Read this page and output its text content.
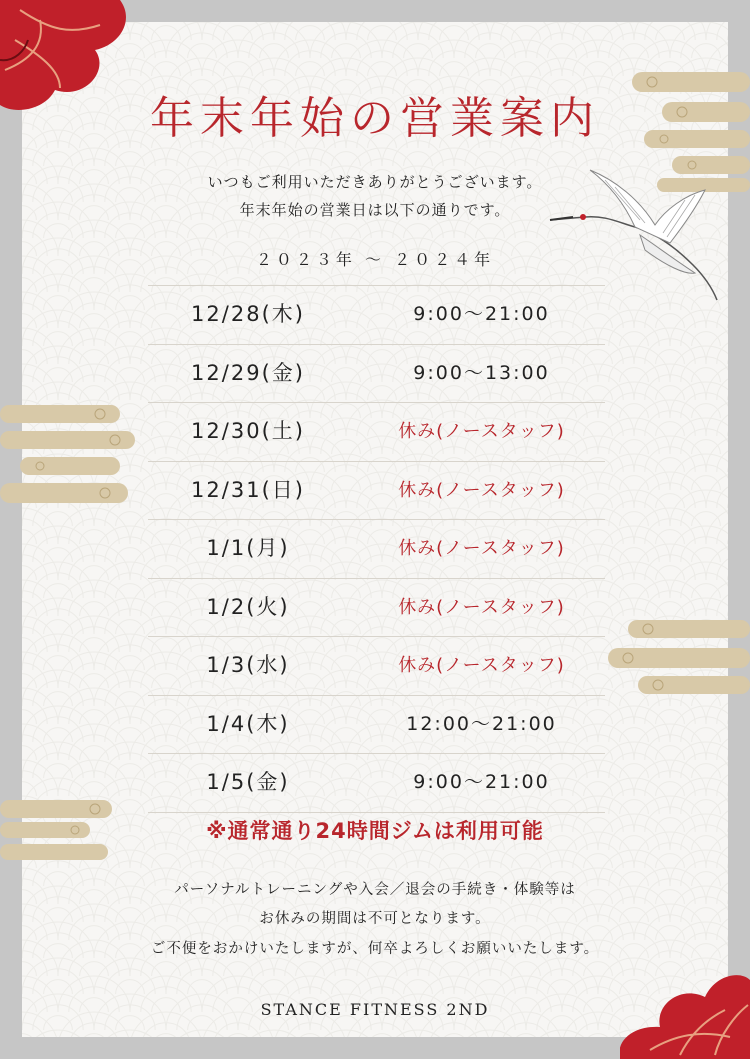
年末年始の営業案内
いつもご利用いただきありがとうございます。
年末年始の営業日は以下の通りです。
２０２３年 ～ ２０２４年
12/28(木)	9:00～21:00
12/29(金)	9:00～13:00
12/30(土)	休み(ノースタッフ)
12/31(日)	休み(ノースタッフ)
1/1(月)	休み(ノースタッフ)
1/2(火)	休み(ノースタッフ)
1/3(水)	休み(ノースタッフ)
1/4(木)	12:00～21:00
1/5(金)	9:00～21:00
※通常通り24時間ジムは利用可能
パーソナルトレーニングや入会／退会の手続き・体験等は
お休みの期間は不可となります。
ご不便をおかけいたしますが、何卒よろしくお願いいたします。
STANCE FITNESS 2ND
